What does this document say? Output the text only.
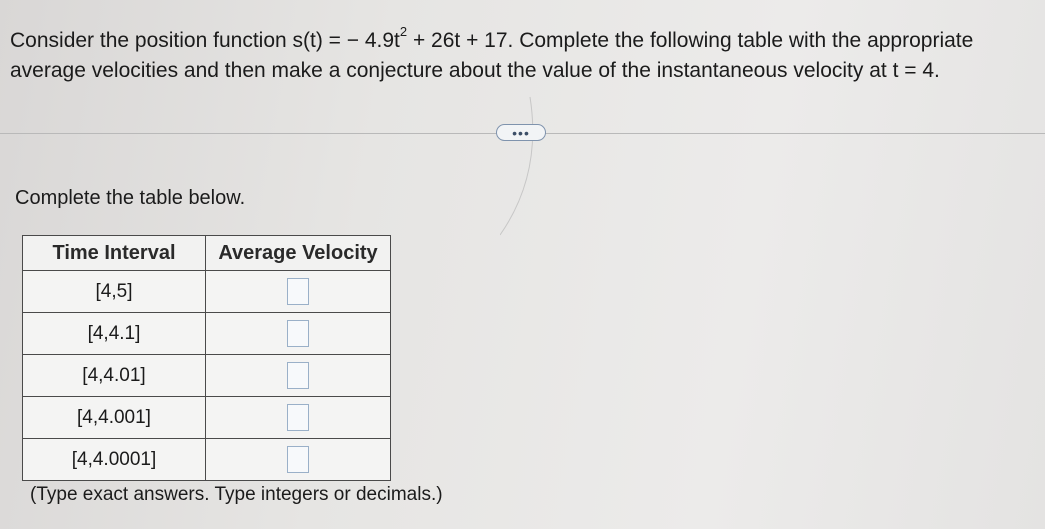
Consider the position function s(t) = − $4.9t^2 + 26t + 17$. Complete the following table with the appropriate average velocities and then make a conjecture about the value of the instantaneous velocity at t = 4.
•••
Complete the table below.
Time Interval	Average Velocity
[4,5]	
[4,4.1]	
[4,4.01]	
[4,4.001]	
[4,4.0001]	
(Type exact answers. Type integers or decimals.)
